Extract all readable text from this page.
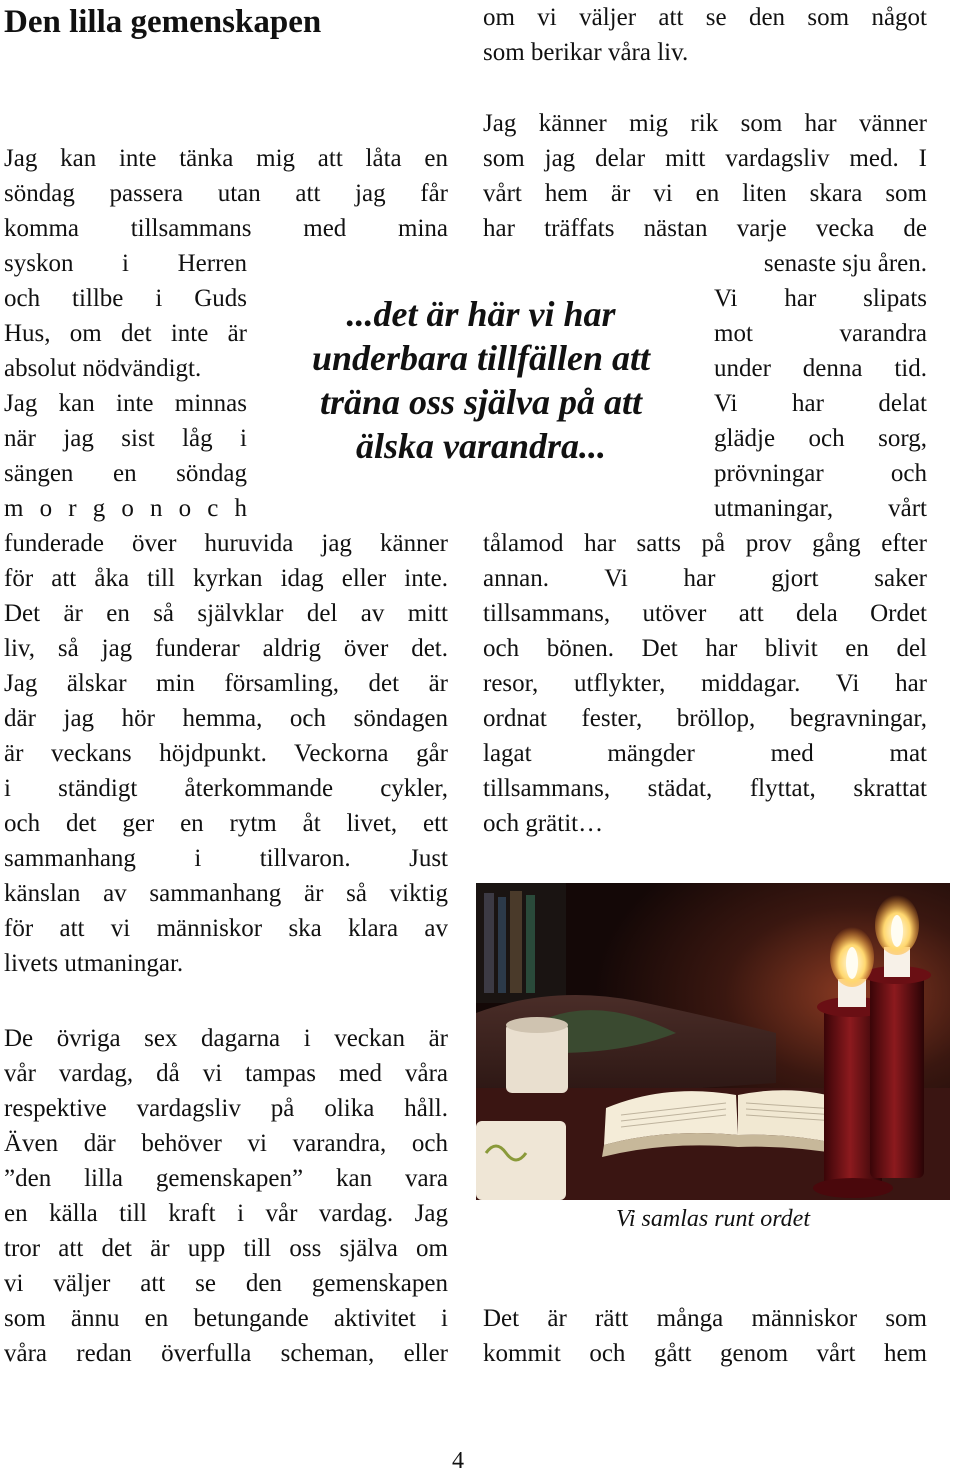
Den lilla gemenskapen

Jag kan inte tänka mig att låta en

söndag passera utan att jag får

komma tillsammans med mina

syskon i Herren

och tillbe i Guds

Hus, om det inte är

absolut nödvändigt.

Jag kan inte minnas

när jag sist låg i

sängen en söndag

m o r g o n o c h

funderade över huruvida jag känner

för att åka till kyrkan idag eller inte.

Det är en så självklar del av mitt

liv, så jag funderar aldrig över det.

Jag älskar min församling, det är

där jag hör hemma, och söndagen

är veckans höjdpunkt. Veckorna går

i ständigt återkommande cykler,

och det ger en rytm åt livet, ett

sammanhang i tillvaron. Just

känslan av sammanhang är så viktig

för att vi människor ska klara av

livets utmaningar.

De övriga sex dagarna i veckan är

vår vardag, då vi tampas med våra

respektive vardagsliv på olika håll.

Även där behöver vi varandra, och

”den lilla gemenskapen” kan vara

en källa till kraft i vår vardag. Jag

tror att det är upp till oss själva om

vi väljer att se den gemenskapen

som ännu en betungande aktivitet i

våra redan överfulla scheman, eller

...det är här vi har
underbara tillfällen att
träna oss själva på att
älska varandra...

om vi väljer att se den som något

som berikar våra liv.

Jag känner mig rik som har vänner

som jag delar mitt vardagsliv med. I

vårt hem är vi en liten skara som

har träffats nästan varje vecka de

senaste sju åren.

Vi har slipats

mot varandra

under denna tid.

Vi har delat

glädje och sorg,

prövningar och

utmaningar, vårt

tålamod har satts på prov gång efter

annan. Vi har gjort saker

tillsammans, utöver att dela Ordet

och bönen. Det har blivit en del

resor, utflykter, middagar. Vi har

ordnat fester, bröllop, begravningar,

lagat mängder med mat

tillsammans, städat, flyttat, skrattat

och grätit…

Det är rätt många människor som

kommit och gått genom vårt hem

Vi samlas runt ordet
4
